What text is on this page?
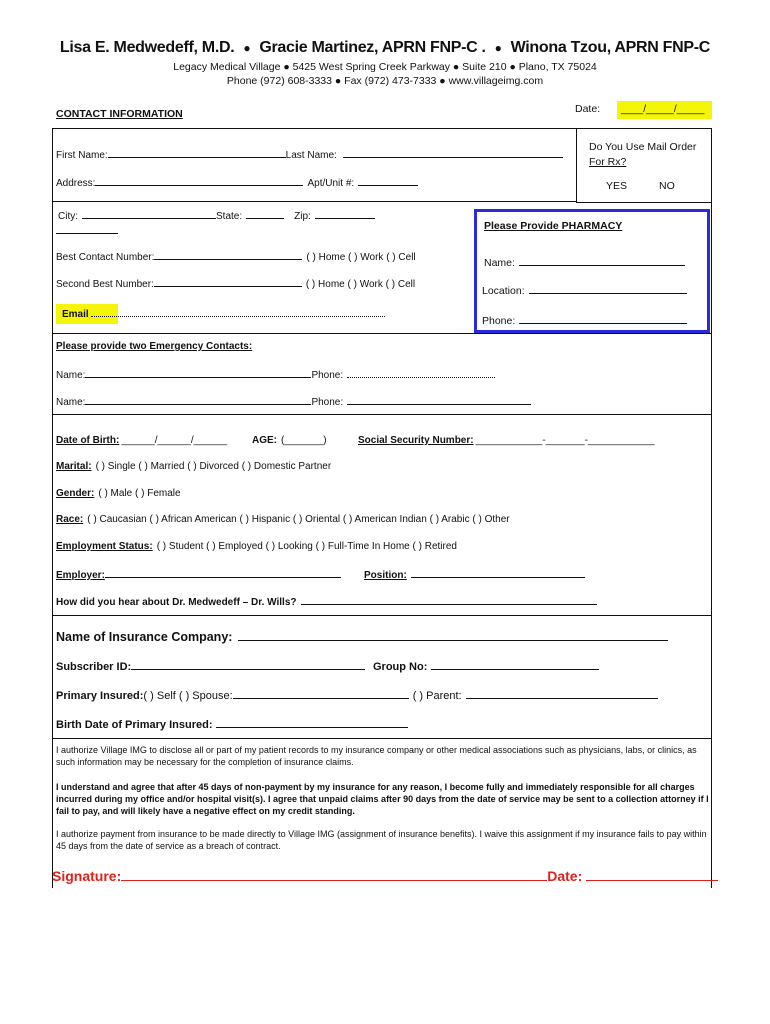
Lisa E. Medwedeff, M.D. ● Gracie Martinez, APRN FNP-C . ● Winona Tzou, APRN FNP-C
Legacy Medical Village ● 5425 West Spring Creek Parkway ● Suite 210 ● Plano, TX 75024
Phone (972) 608-3333 ● Fax (972) 473-7333 ● www.villageimg.com
Date:	____/_____/_____
CONTACT INFORMATION
Do You Use Mail Order
For Rx?
YES	NO
First Name:	Last Name:
Address:	Apt/Unit #:
City:	State:	Zip:
Please Provide PHARMACY
Name:
Location:
Phone:
Best Contact Number:	( ) Home ( ) Work ( ) Cell
Second Best Number:	( ) Home ( ) Work ( ) Cell
Email
Please provide two Emergency Contacts:
Name:	Phone:
Name:	Phone:
Date of Birth: ______/______/______ AGE: (_______)	Social Security Number: ____________-_______-____________
Marital: ( ) Single ( ) Married ( ) Divorced ( ) Domestic Partner
Gender: ( ) Male ( ) Female
Race: ( ) Caucasian ( ) African American ( ) Hispanic ( ) Oriental ( ) American Indian ( ) Arabic ( ) Other
Employment Status: ( ) Student ( ) Employed ( ) Looking ( ) Full-Time In Home ( ) Retired
Employer:	Position:
How did you hear about Dr. Medwedeff – Dr. Wills?
Name of Insurance Company:
Subscriber ID:	Group No:
Primary Insured:( ) Self ( ) Spouse:	( ) Parent:
Birth Date of Primary Insured:
I authorize Village IMG to disclose all or part of my patient records to my insurance company or other medical associations such as physicians, labs, or clinics, as such information may be necessary for the completion of insurance claims.
I understand and agree that after 45 days of non-payment by my insurance for any reason, I become fully and immediately responsible for all charges incurred during my office and/or hospital visit(s). I agree that unpaid claims after 90 days from the date of service may be sent to a collection attorney if I fail to pay, and will likely have a negative effect on my credit standing.
I authorize payment from insurance to be made directly to Village IMG (assignment of insurance benefits). I waive this assignment if my insurance fails to pay within 45 days from the date of service as a breach of contract.
Signature:	Date:
